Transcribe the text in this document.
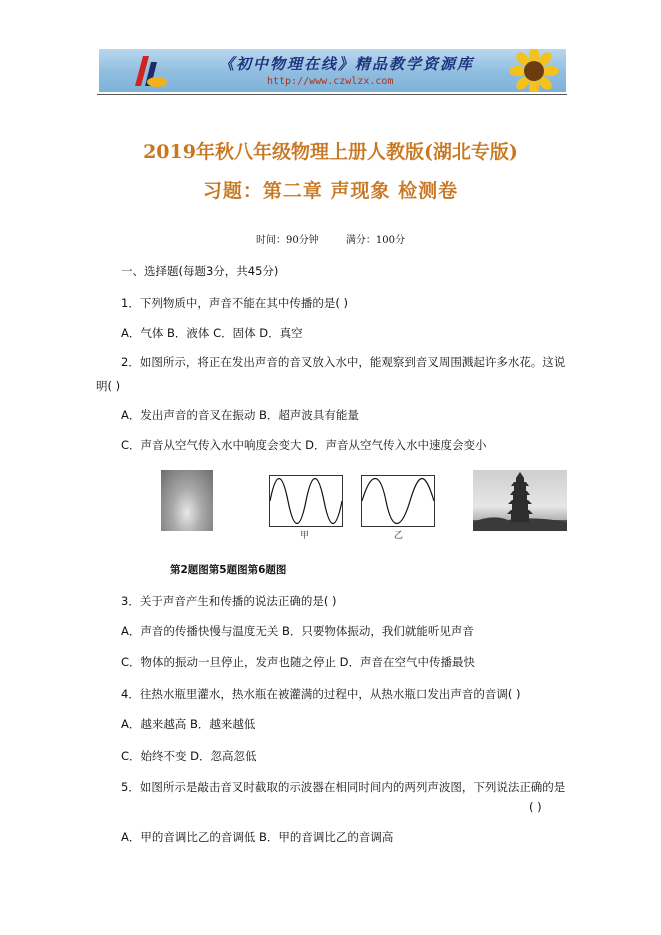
《初中物理在线》精品教学资源库
http://www.czwlzx.com
2019年秋八年级物理上册人教版(湖北专版)
习题：第二章 声现象 检测卷
时间：90分钟	满分：100分
一、选择题(每题3分，共45分)
1．下列物质中，声音不能在其中传播的是( )
A．气体 B．液体 C．固体 D．真空
2．如图所示，将正在发出声音的音叉放入水中，能观察到音叉周围溅起许多水花。这说
明( )
A．发出声音的音叉在振动 B．超声波具有能量
C．声音从空气传入水中响度会变大 D．声音从空气传入水中速度会变小
甲	乙
第2题图第5题图第6题图
3．关于声音产生和传播的说法正确的是( )
A．声音的传播快慢与温度无关 B．只要物体振动，我们就能听见声音
C．物体的振动一旦停止，发声也随之停止 D．声音在空气中传播最快
4．往热水瓶里灌水，热水瓶在被灌满的过程中，从热水瓶口发出声音的音调( )
A．越来越高 B．越来越低
C．始终不变 D．忽高忽低
5．如图所示是敲击音叉时截取的示波器在相同时间内的两列声波图，下列说法正确的是
( )
A．甲的音调比乙的音调低 B．甲的音调比乙的音调高
